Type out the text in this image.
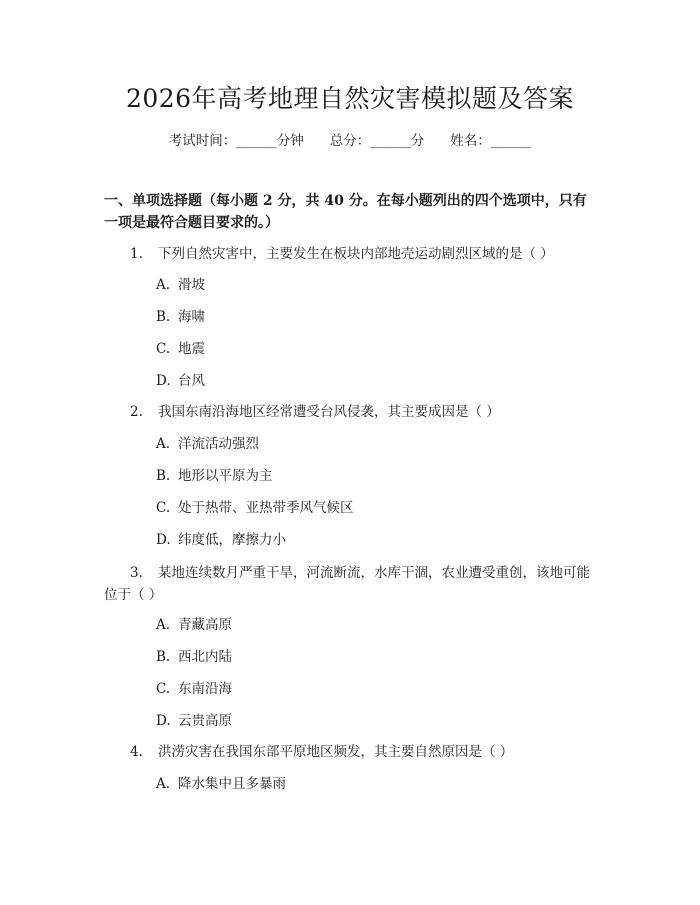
2026年高考地理自然灾害模拟题及答案
考试时间：______分钟 总分：______分 姓名：______
一、单项选择题（每小题 2 分，共 40 分。在每小题列出的四个选项中，只有一项是最符合题目要求的。）
1. 下列自然灾害中，主要发生在板块内部地壳运动剧烈区域的是（ ）
A. 滑坡
B. 海啸
C. 地震
D. 台风
2. 我国东南沿海地区经常遭受台风侵袭，其主要成因是（ ）
A. 洋流活动强烈
B. 地形以平原为主
C. 处于热带、亚热带季风气候区
D. 纬度低，摩擦力小
3. 某地连续数月严重干旱，河流断流，水库干涸，农业遭受重创，该地可能
位于（ ）
A. 青藏高原
B. 西北内陆
C. 东南沿海
D. 云贵高原
4. 洪涝灾害在我国东部平原地区频发，其主要自然原因是（ ）
A. 降水集中且多暴雨
